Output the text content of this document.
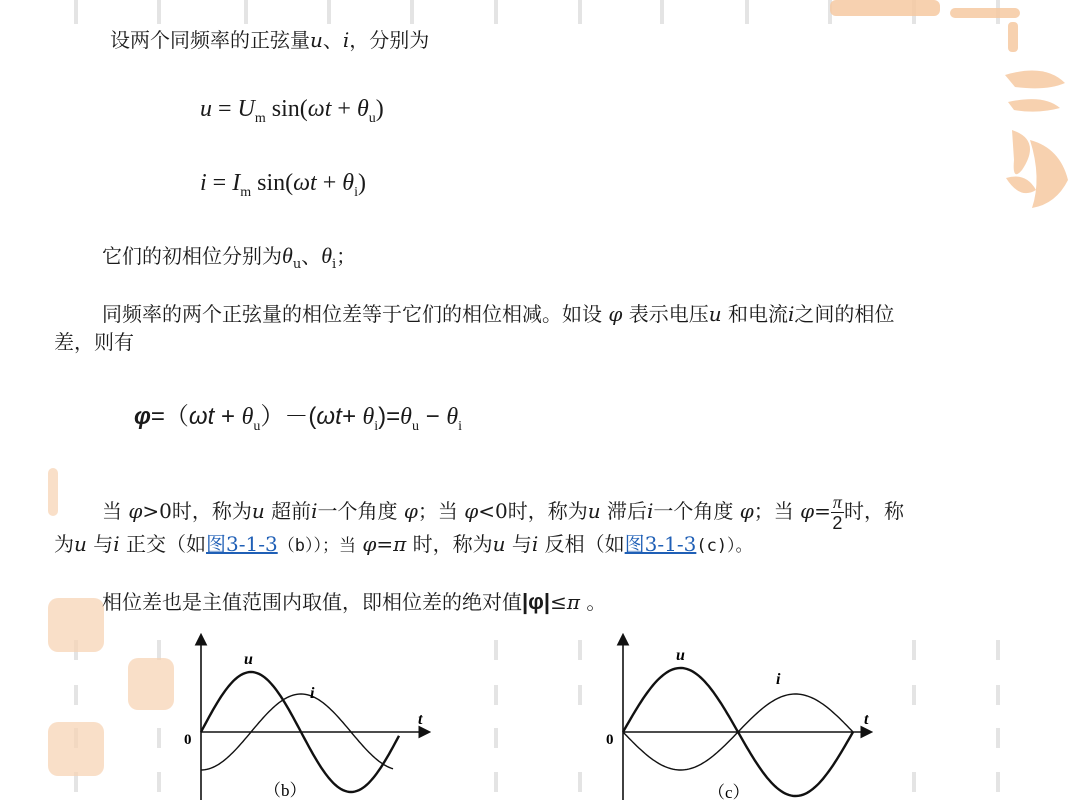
设两个同频率的正弦量u、i，分别为
$u = U_m$ $\sin(\omega t + \theta_u)$
$i = I_m$ $\sin(\omega t + \theta_i)$
它们的初相位分别为$\theta_u$、$\theta_i$；
同频率的两个正弦量的相位差等于它们的相位相减。如设 φ 表示电压u 和电流i之间的相位
差，则有
$\varphi=(\omega t + \theta_u)-(\omega t+ \theta_i)=\theta_u - \theta_i$
当 φ>0时，称为u 超前i一个角度 φ；当 φ<0时，称为u 滞后i一个角度 φ；当 $\varphi= \frac{\pi}{2}$ 时，称
为u 与i 正交（如图3-1-3（b））；当 φ=π 时，称为u 与i 反相（如图3-1-3(c)）。
相位差也是主值范围内取值，即相位差的绝对值|φ|≤π 。
u
i
t
0
（b）
u
i
t
0
（c）
